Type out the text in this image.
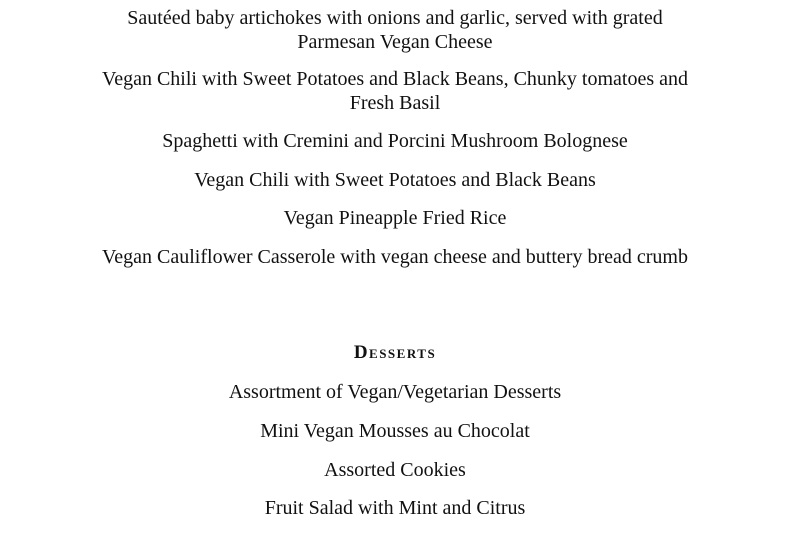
Sautéed baby artichokes with onions and garlic, served with grated Parmesan Vegan Cheese

Vegan Chili with Sweet Potatoes and Black Beans, Chunky tomatoes and Fresh Basil

Spaghetti with Cremini and Porcini Mushroom Bolognese

Vegan Chili with Sweet Potatoes and Black Beans

Vegan Pineapple Fried Rice

Vegan Cauliflower Casserole with vegan cheese and buttery bread crumb

Desserts

Assortment of Vegan/Vegetarian Desserts

Mini Vegan Mousses au Chocolat

Assorted Cookies

Fruit Salad with Mint and Citrus
